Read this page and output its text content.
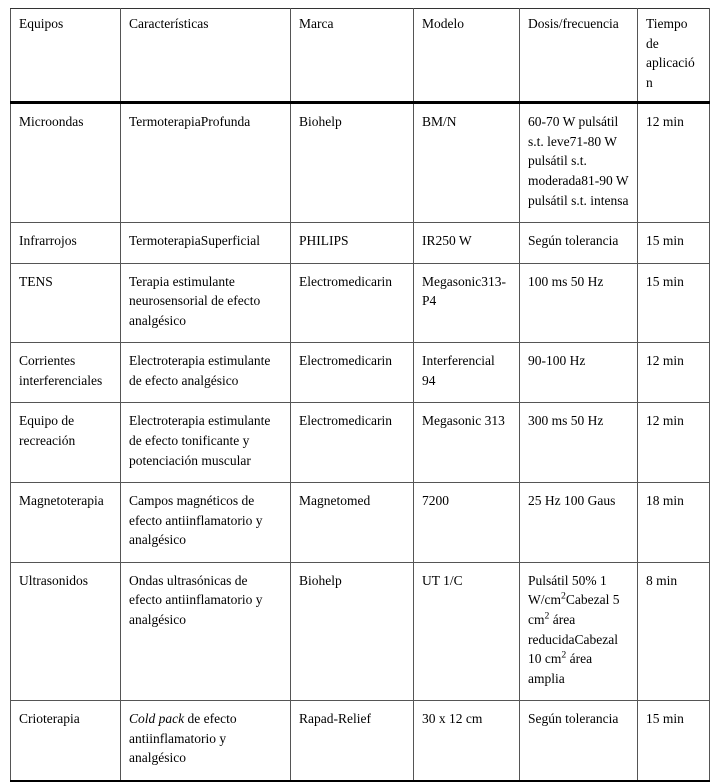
Equipos	Características	Marca	Modelo	Dosis/frecuencia	Tiempo de aplicación
Microondas	TermoterapiaProfunda	Biohelp	BM/N	60-70 W pulsátil s.t. leve71-80 W pulsátil s.t. moderada81-90 W pulsátil s.t. intensa	12 min
Infrarrojos	TermoterapiaSuperficial	PHILIPS	IR250 W	Según tolerancia	15 min
TENS	Terapia estimulante neurosensorial de efecto analgésico	Electromedicarin	Megasonic313-P4	100 ms 50 Hz	15 min
Corrientes interferenciales	Electroterapia estimulante de efecto analgésico	Electromedicarin	Interferencial 94	90-100 Hz	12 min
Equipo de recreación	Electroterapia estimulante de efecto tonificante y potenciación muscular	Electromedicarin	Megasonic 313	300 ms 50 Hz	12 min
Magnetoterapia	Campos magnéticos de efecto antiinflamatorio y analgésico	Magnetomed	7200	25 Hz 100 Gaus	18 min
Ultrasonidos	Ondas ultrasónicas de efecto antiinflamatorio y analgésico	Biohelp	UT 1/C	Pulsátil 50% 1 $W/cm^2Cabezal$ 5 $cm^2$ área reducidaCabezal 10 $cm^2$ área amplia	8 min
Crioterapia	Cold pack de efecto antiinflamatorio y analgésico	Rapad-Relief	30 x 12 cm	Según tolerancia	15 min
